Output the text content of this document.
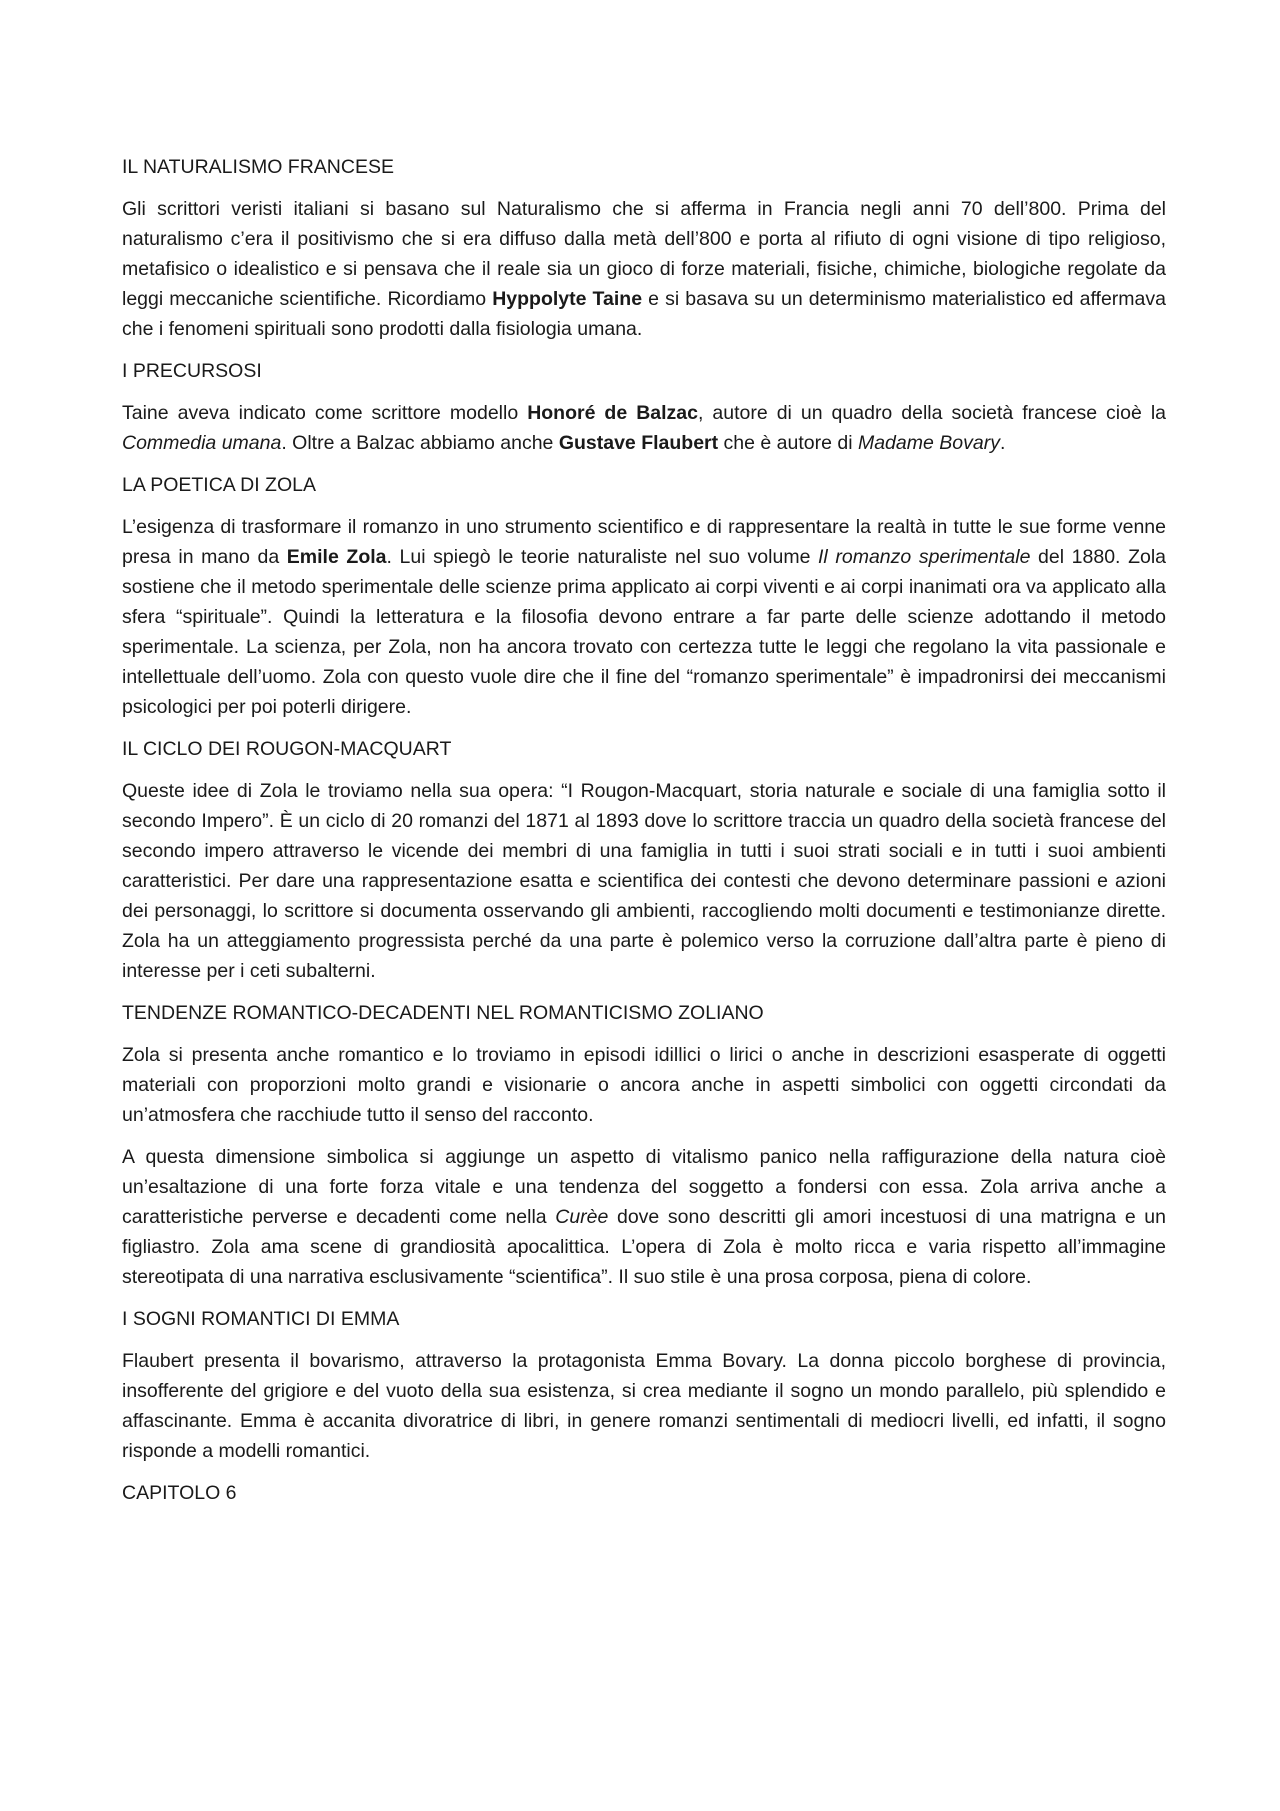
IL NATURALISMO FRANCESE

Gli scrittori veristi italiani si basano sul Naturalismo che si afferma in Francia negli anni 70 dell’800. Prima del naturalismo c’era il positivismo che si era diffuso dalla metà dell’800 e porta al rifiuto di ogni visione di tipo religioso, metafisico o idealistico e si pensava che il reale sia un gioco di forze materiali, fisiche, chimiche, biologiche regolate da leggi meccaniche scientifiche. Ricordiamo Hyppolyte Taine e si basava su un determinismo materialistico ed affermava che i fenomeni spirituali sono prodotti dalla fisiologia umana.

I PRECURSOSI

Taine aveva indicato come scrittore modello Honoré de Balzac, autore di un quadro della società francese cioè la Commedia umana. Oltre a Balzac abbiamo anche Gustave Flaubert che è autore di Madame Bovary.

LA POETICA DI ZOLA

L’esigenza di trasformare il romanzo in uno strumento scientifico e di rappresentare la realtà in tutte le sue forme venne presa in mano da Emile Zola. Lui spiegò le teorie naturaliste nel suo volume Il romanzo sperimentale del 1880. Zola sostiene che il metodo sperimentale delle scienze prima applicato ai corpi viventi e ai corpi inanimati ora va applicato alla sfera “spirituale”. Quindi la letteratura e la filosofia devono entrare a far parte delle scienze adottando il metodo sperimentale. La scienza, per Zola, non ha ancora trovato con certezza tutte le leggi che regolano la vita passionale e intellettuale dell’uomo. Zola con questo vuole dire che il fine del “romanzo sperimentale” è impadronirsi dei meccanismi psicologici per poi poterli dirigere.

IL CICLO DEI ROUGON-MACQUART

Queste idee di Zola le troviamo nella sua opera: “I Rougon-Macquart, storia naturale e sociale di una famiglia sotto il secondo Impero”. È un ciclo di 20 romanzi del 1871 al 1893 dove lo scrittore traccia un quadro della società francese del secondo impero attraverso le vicende dei membri di una famiglia in tutti i suoi strati sociali e in tutti i suoi ambienti caratteristici. Per dare una rappresentazione esatta e scientifica dei contesti che devono determinare passioni e azioni dei personaggi, lo scrittore si documenta osservando gli ambienti, raccogliendo molti documenti e testimonianze dirette. Zola ha un atteggiamento progressista perché da una parte è polemico verso la corruzione dall’altra parte è pieno di interesse per i ceti subalterni.

TENDENZE ROMANTICO-DECADENTI NEL ROMANTICISMO ZOLIANO

Zola si presenta anche romantico e lo troviamo in episodi idillici o lirici o anche in descrizioni esasperate di oggetti materiali con proporzioni molto grandi e visionarie o ancora anche in aspetti simbolici con oggetti circondati da un’atmosfera che racchiude tutto il senso del racconto.

A questa dimensione simbolica si aggiunge un aspetto di vitalismo panico nella raffigurazione della natura cioè un’esaltazione di una forte forza vitale e una tendenza del soggetto a fondersi con essa. Zola arriva anche a caratteristiche perverse e decadenti come nella Curèe dove sono descritti gli amori incestuosi di una matrigna e un figliastro. Zola ama scene di grandiosità apocalittica. L’opera di Zola è molto ricca e varia rispetto all’immagine stereotipata di una narrativa esclusivamente “scientifica”. Il suo stile è una prosa corposa, piena di colore.

I SOGNI ROMANTICI DI EMMA

Flaubert presenta il bovarismo, attraverso la protagonista Emma Bovary. La donna piccolo borghese di provincia, insofferente del grigiore e del vuoto della sua esistenza, si crea mediante il sogno un mondo parallelo, più splendido e affascinante. Emma è accanita divoratrice di libri, in genere romanzi sentimentali di mediocri livelli, ed infatti, il sogno risponde a modelli romantici.

CAPITOLO 6
